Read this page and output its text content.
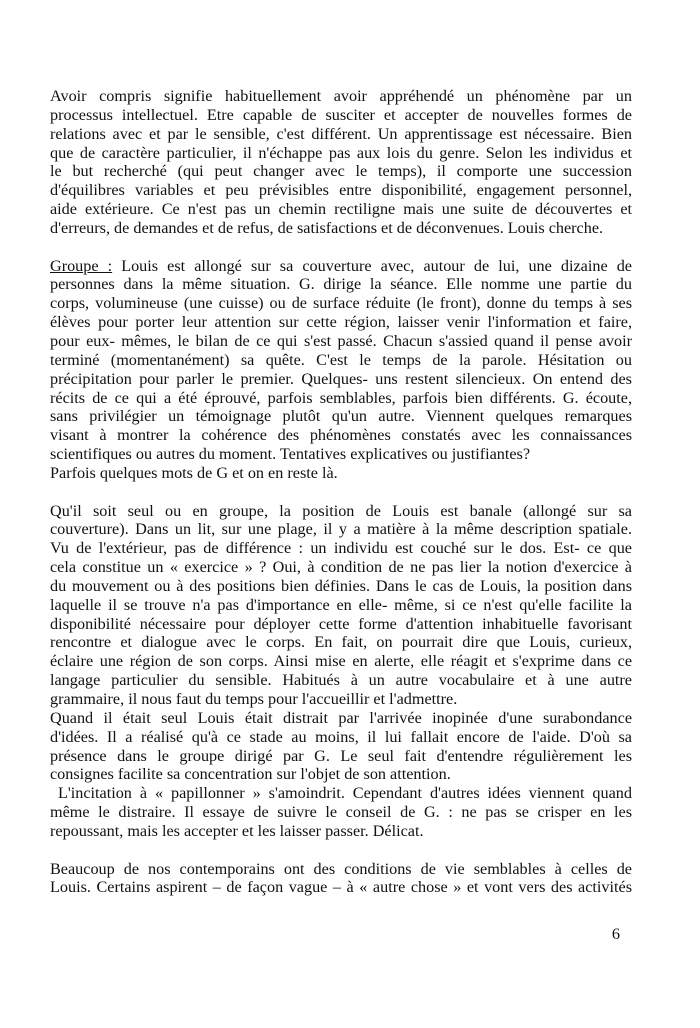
Avoir compris signifie habituellement avoir appréhendé un phénomène par un
processus intellectuel. Etre capable de susciter et accepter de nouvelles formes de
relations avec et par le sensible, c'est différent. Un apprentissage est nécessaire. Bien
que de caractère particulier, il n'échappe pas aux lois du genre. Selon les individus et
le but recherché (qui peut changer avec le temps), il comporte une succession
d'équilibres variables et peu prévisibles entre disponibilité, engagement personnel,
aide extérieure. Ce n'est pas un chemin rectiligne mais une suite de découvertes et
d'erreurs, de demandes et de refus, de satisfactions et de déconvenues. Louis cherche.
Groupe : Louis est allongé sur sa couverture avec, autour de lui, une dizaine de
personnes dans la même situation. G. dirige la séance. Elle nomme une partie du
corps, volumineuse (une cuisse) ou de surface réduite (le front), donne du temps à ses
élèves pour porter leur attention sur cette région, laisser venir l'information et faire,
pour eux- mêmes, le bilan de ce qui s'est passé. Chacun s'assied quand il pense avoir
terminé (momentanément) sa quête. C'est le temps de la parole. Hésitation ou
précipitation pour parler le premier. Quelques- uns restent silencieux. On entend des
récits de ce qui a été éprouvé, parfois semblables, parfois bien différents. G. écoute,
sans privilégier un témoignage plutôt qu'un autre. Viennent quelques remarques
visant à montrer la cohérence des phénomènes constatés avec les connaissances
scientifiques ou autres du moment. Tentatives explicatives ou justifiantes?
Parfois quelques mots de G et on en reste là.
Qu'il soit seul ou en groupe, la position de Louis est banale (allongé sur sa
couverture). Dans un lit, sur une plage, il y a matière à la même description spatiale.
Vu de l'extérieur, pas de différence : un individu est couché sur le dos. Est- ce que
cela constitue un « exercice » ? Oui, à condition de ne pas lier la notion d'exercice à
du mouvement ou à des positions bien définies. Dans le cas de Louis, la position dans
laquelle il se trouve n'a pas d'importance en elle- même, si ce n'est qu'elle facilite la
disponibilité nécessaire pour déployer cette forme d'attention inhabituelle favorisant
rencontre et dialogue avec le corps. En fait, on pourrait dire que Louis, curieux,
éclaire une région de son corps. Ainsi mise en alerte, elle réagit et s'exprime dans ce
langage particulier du sensible. Habitués à un autre vocabulaire et à une autre
grammaire, il nous faut du temps pour l'accueillir et l'admettre.
Quand il était seul Louis était distrait par l'arrivée inopinée d'une surabondance
d'idées. Il a réalisé qu'à ce stade au moins, il lui fallait encore de l'aide. D'où sa
présence dans le groupe dirigé par G. Le seul fait d'entendre régulièrement les
consignes facilite sa concentration sur l'objet de son attention.
L'incitation à « papillonner » s'amoindrit. Cependant d'autres idées viennent quand
même le distraire. Il essaye de suivre le conseil de G. : ne pas se crisper en les
repoussant, mais les accepter et les laisser passer. Délicat.
Beaucoup de nos contemporains ont des conditions de vie semblables à celles de
Louis. Certains aspirent – de façon vague – à « autre chose » et vont vers des activités
6
